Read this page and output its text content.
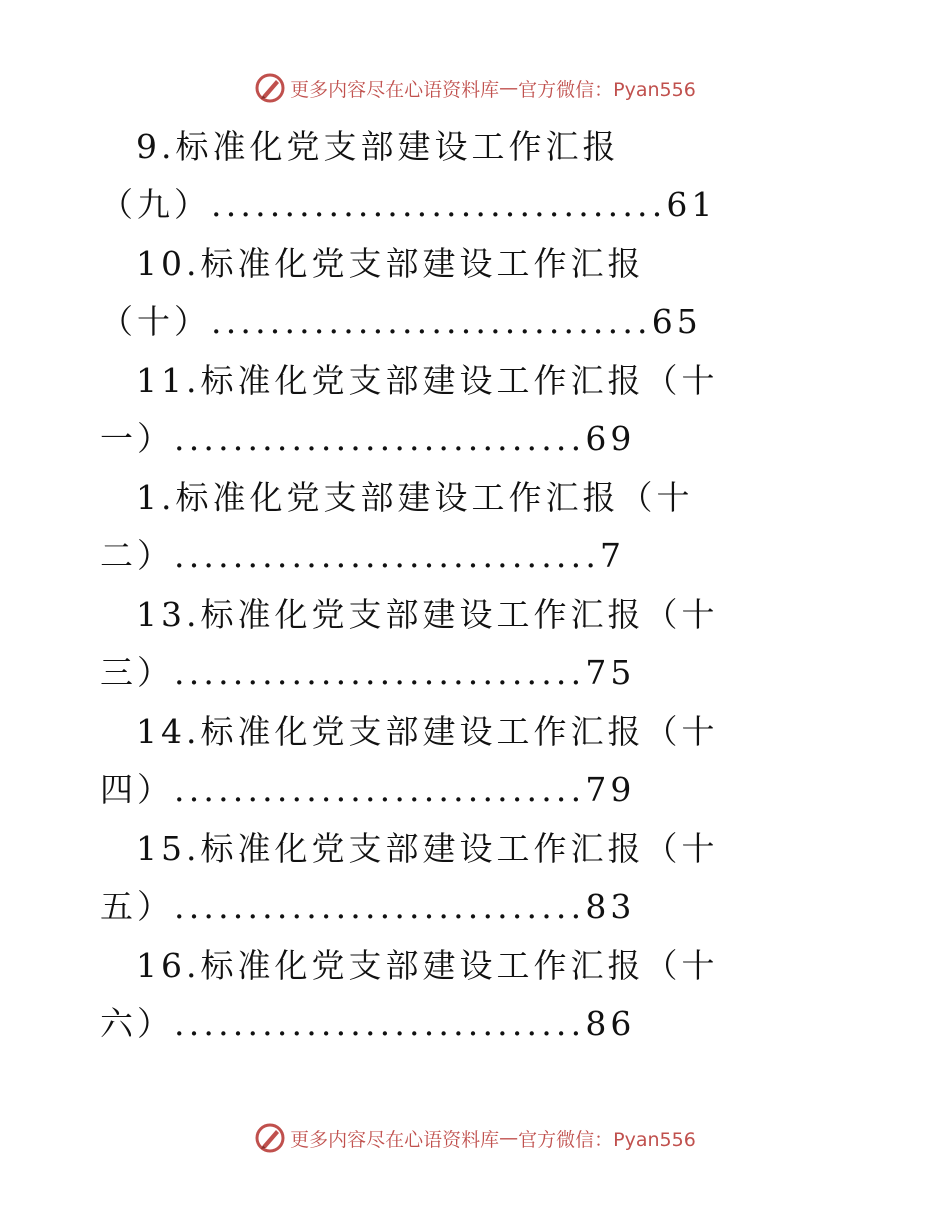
更多内容尽在心语资料库 — 官方微信：Pyan556
9.标准化党支部建设工作汇报
（九）...............................61
10.标准化党支部建设工作汇报
（十）..............................65
11.标准化党支部建设工作汇报（十
一）............................69
1.标准化党支部建设工作汇报（十
二）.............................7
13.标准化党支部建设工作汇报（十
三）............................75
14.标准化党支部建设工作汇报（十
四）............................79
15.标准化党支部建设工作汇报（十
五）............................83
16.标准化党支部建设工作汇报（十
六）............................86
更多内容尽在心语资料库 — 官方微信：Pyan556
